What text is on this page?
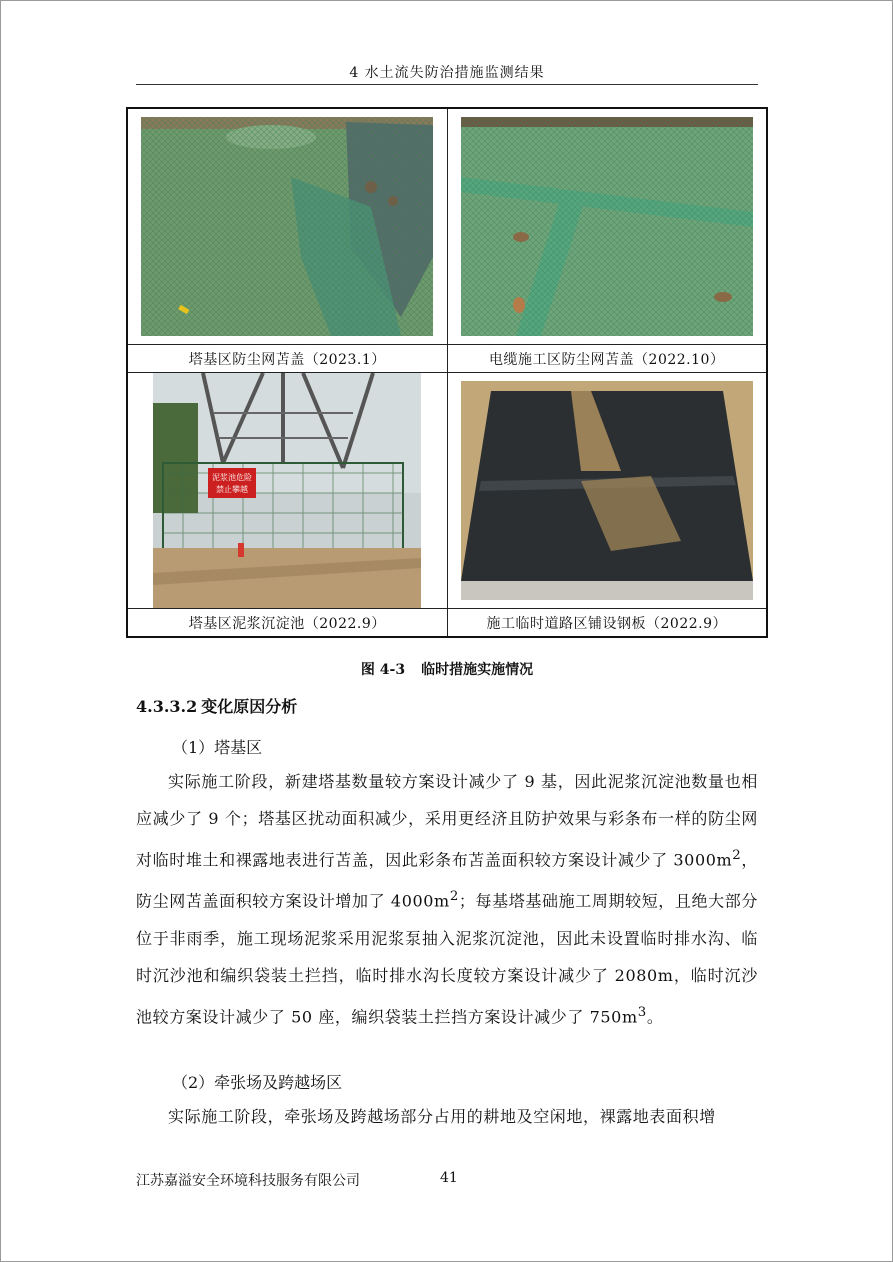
4 水土流失防治措施监测结果

塔基区防尘网苫盖（2023.1）	电缆施工区防尘网苫盖（2022.10）

泥浆池危险
禁止攀越

塔基区泥浆沉淀池（2022.9）	施工临时道路区铺设钢板（2022.9）
图 4-3 临时措施实施情况
4.3.3.2 变化原因分析
（1）塔基区

实际施工阶段，新建塔基数量较方案设计减少了 9 基，因此泥浆沉淀池数量也相应减少了 9 个；塔基区扰动面积减少，采用更经济且防护效果与彩条布一样的防尘网对临时堆土和裸露地表进行苫盖，因此彩条布苫盖面积较方案设计减少了 $3000m^2$，防尘网苫盖面积较方案设计增加了 $4000m^2$；每基塔基础施工周期较短，且绝大部分位于非雨季，施工现场泥浆采用泥浆泵抽入泥浆沉淀池，因此未设置临时排水沟、临时沉沙池和编织袋装土拦挡，临时排水沟长度较方案设计减少了 2080m，临时沉沙池较方案设计减少了 50 座，编织袋装土拦挡方案设计减少了 $750m^3$。

（2）牵张场及跨越场区

实际施工阶段，牵张场及跨越场部分占用的耕地及空闲地，裸露地表面积增

江苏嘉溢安全环境科技服务有限公司	41
